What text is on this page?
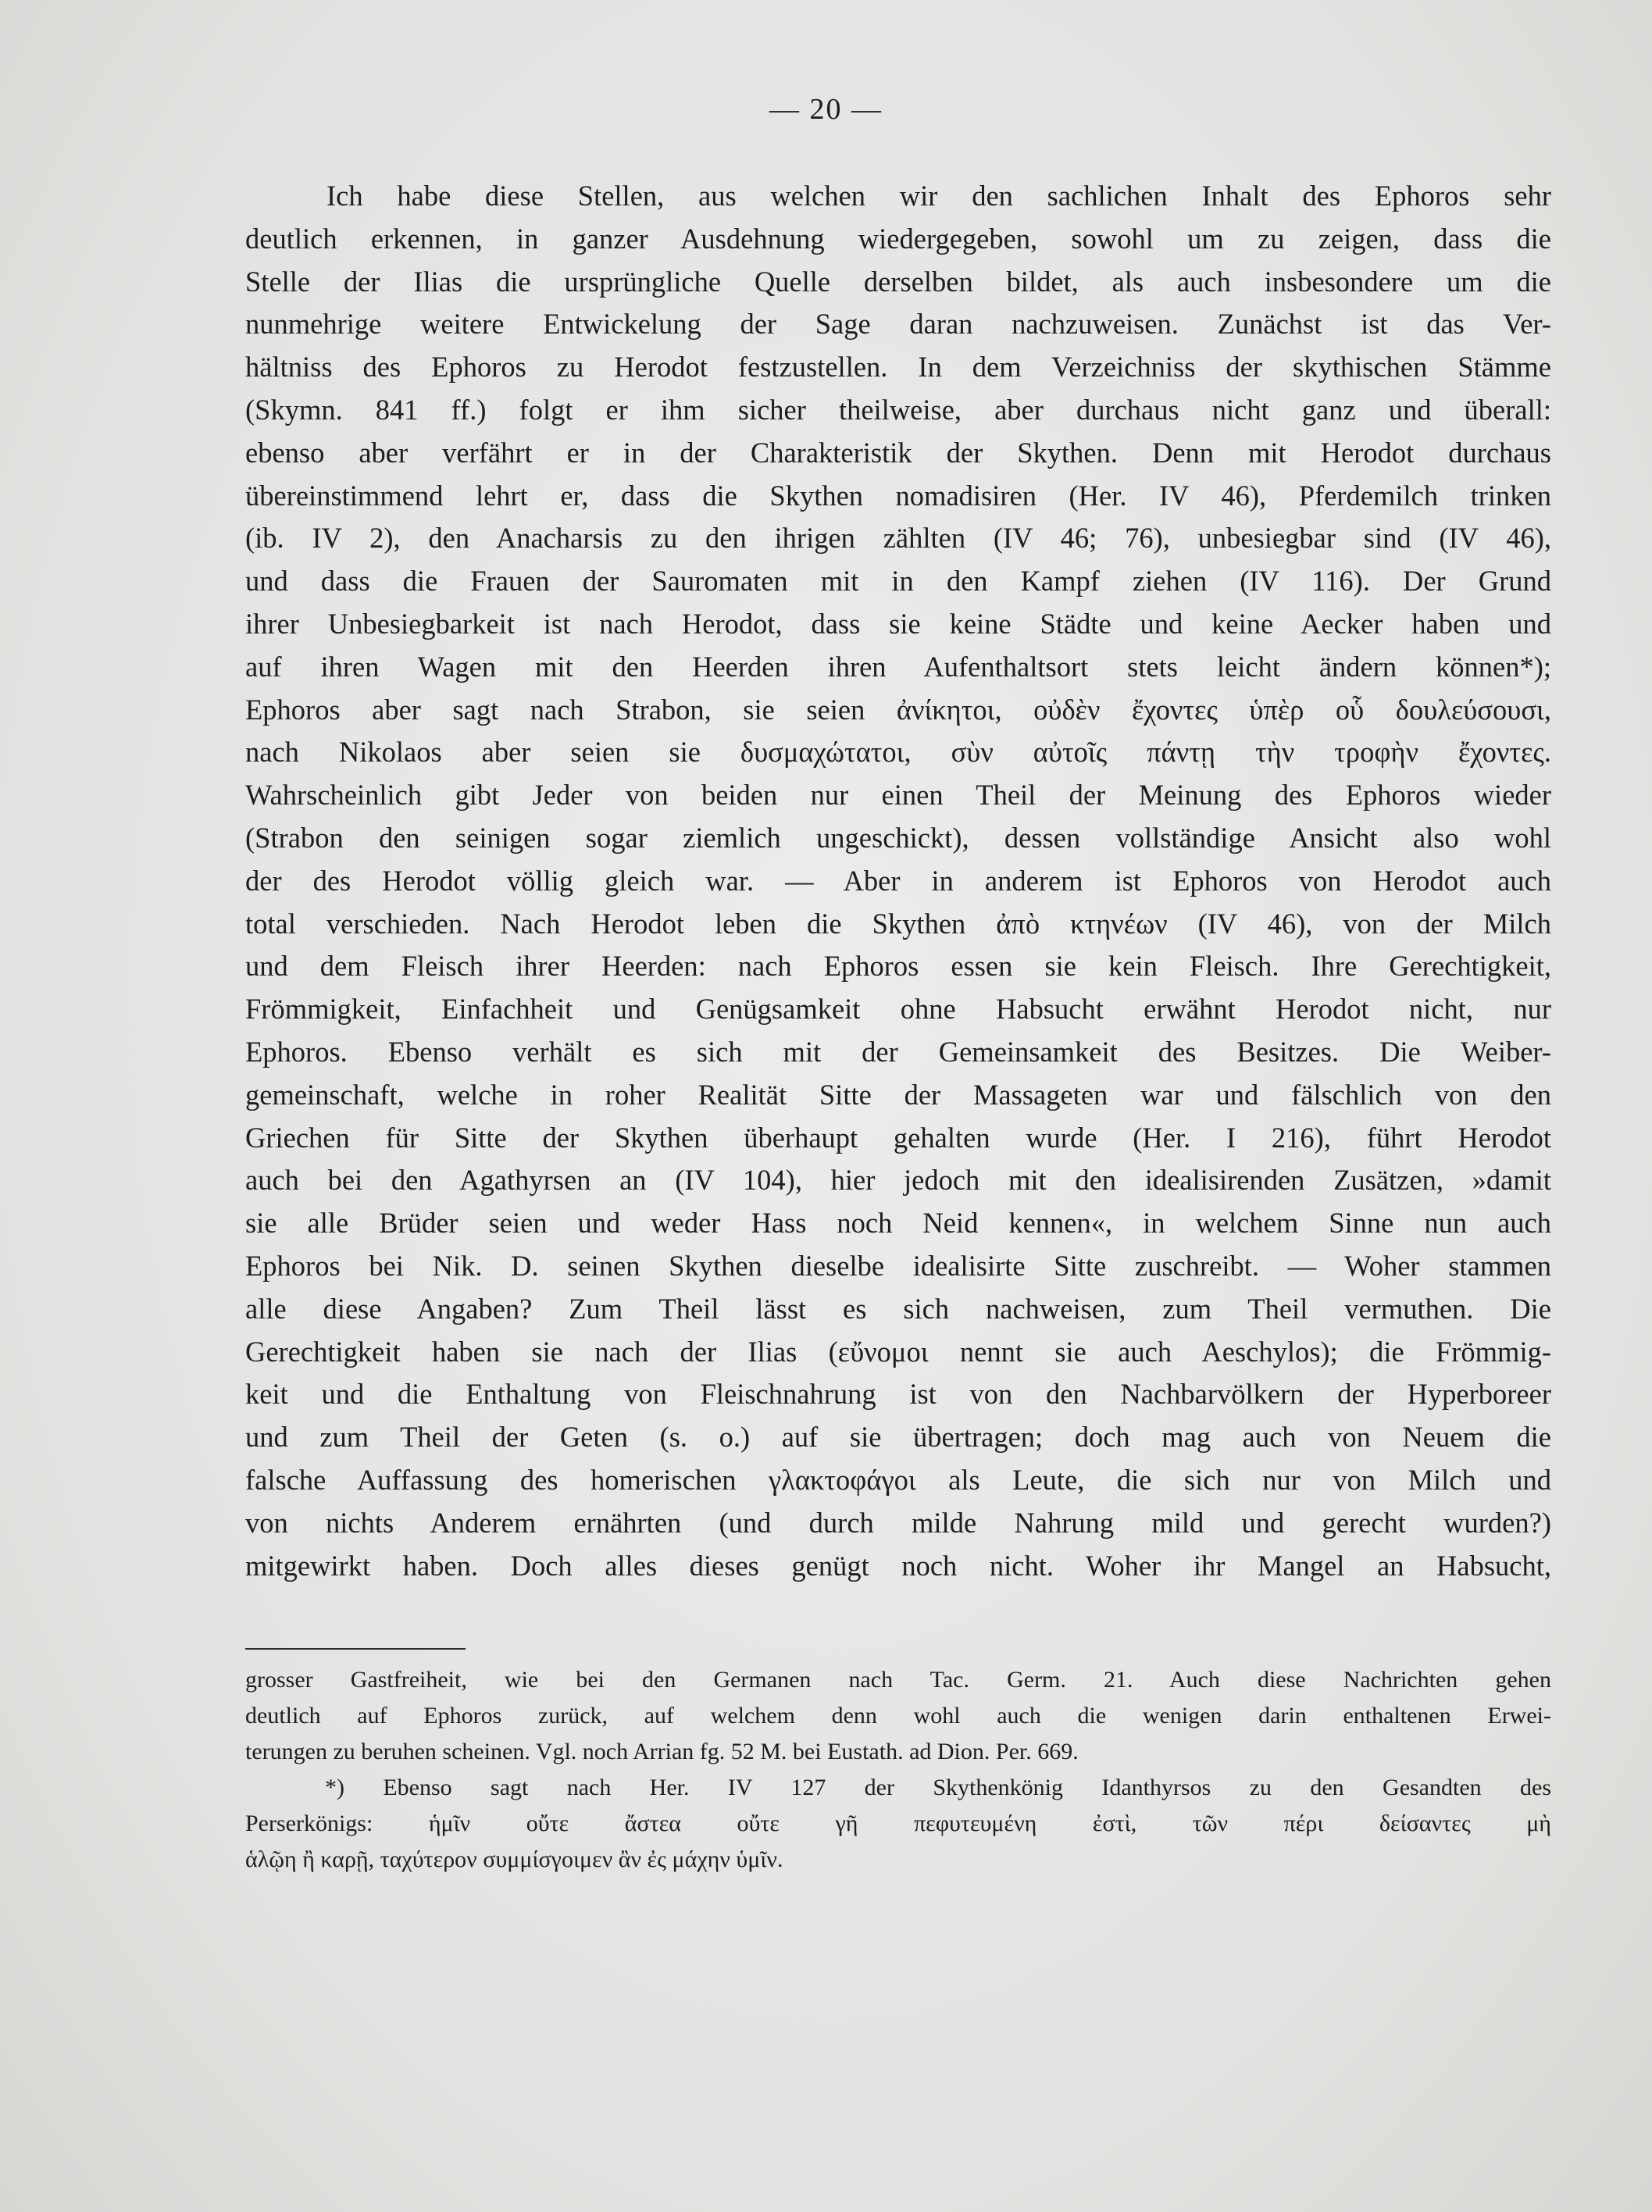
— 20 —
Ich habe diese Stellen, aus welchen wir den sachlichen Inhalt des Ephoros sehr
deutlich erkennen, in ganzer Ausdehnung wiedergegeben, sowohl um zu zeigen, dass die
Stelle der Ilias die ursprüngliche Quelle derselben bildet, als auch insbesondere um die
nunmehrige weitere Entwickelung der Sage daran nachzuweisen. Zunächst ist das Ver-
hältniss des Ephoros zu Herodot festzustellen. In dem Verzeichniss der skythischen Stämme
(Skymn. 841 ff.) folgt er ihm sicher theilweise, aber durchaus nicht ganz und überall:
ebenso aber verfährt er in der Charakteristik der Skythen. Denn mit Herodot durchaus
übereinstimmend lehrt er, dass die Skythen nomadisiren (Her. IV 46), Pferdemilch trinken
(ib. IV 2), den Anacharsis zu den ihrigen zählten (IV 46; 76), unbesiegbar sind (IV 46),
und dass die Frauen der Sauromaten mit in den Kampf ziehen (IV 116). Der Grund
ihrer Unbesiegbarkeit ist nach Herodot, dass sie keine Städte und keine Aecker haben und
auf ihren Wagen mit den Heerden ihren Aufenthaltsort stets leicht ändern können*);
Ephoros aber sagt nach Strabon, sie seien ἀνίκητοι, οὐδὲν ἔχοντες ὑπὲρ οὗ δουλεύσουσι,
nach Nikolaos aber seien sie δυσμαχώτατοι, σὺν αὐτοῖς πάντῃ τὴν τροφὴν ἔχοντες.
Wahrscheinlich gibt Jeder von beiden nur einen Theil der Meinung des Ephoros wieder
(Strabon den seinigen sogar ziemlich ungeschickt), dessen vollständige Ansicht also wohl
der des Herodot völlig gleich war. — Aber in anderem ist Ephoros von Herodot auch
total verschieden. Nach Herodot leben die Skythen ἀπὸ κτηνέων (IV 46), von der Milch
und dem Fleisch ihrer Heerden: nach Ephoros essen sie kein Fleisch. Ihre Gerechtigkeit,
Frömmigkeit, Einfachheit und Genügsamkeit ohne Habsucht erwähnt Herodot nicht, nur
Ephoros. Ebenso verhält es sich mit der Gemeinsamkeit des Besitzes. Die Weiber-
gemeinschaft, welche in roher Realität Sitte der Massageten war und fälschlich von den
Griechen für Sitte der Skythen überhaupt gehalten wurde (Her. I 216), führt Herodot
auch bei den Agathyrsen an (IV 104), hier jedoch mit den idealisirenden Zusätzen, »damit
sie alle Brüder seien und weder Hass noch Neid kennen«, in welchem Sinne nun auch
Ephoros bei Nik. D. seinen Skythen dieselbe idealisirte Sitte zuschreibt. — Woher stammen
alle diese Angaben? Zum Theil lässt es sich nachweisen, zum Theil vermuthen. Die
Gerechtigkeit haben sie nach der Ilias (εὔνομοι nennt sie auch Aeschylos); die Frömmig-
keit und die Enthaltung von Fleischnahrung ist von den Nachbarvölkern der Hyperboreer
und zum Theil der Geten (s. o.) auf sie übertragen; doch mag auch von Neuem die
falsche Auffassung des homerischen γλακτοφάγοι als Leute, die sich nur von Milch und
von nichts Anderem ernährten (und durch milde Nahrung mild und gerecht wurden?)
mitgewirkt haben. Doch alles dieses genügt noch nicht. Woher ihr Mangel an Habsucht,
grosser Gastfreiheit, wie bei den Germanen nach Tac. Germ. 21. Auch diese Nachrichten gehen
deutlich auf Ephoros zurück, auf welchem denn wohl auch die wenigen darin enthaltenen Erwei-
terungen zu beruhen scheinen. Vgl. noch Arrian fg. 52 M. bei Eustath. ad Dion. Per. 669.
*) Ebenso sagt nach Her. IV 127 der Skythenkönig Idanthyrsos zu den Gesandten des
Perserkönigs: ἡμῖν οὔτε ἄστεα οὔτε γῆ πεφυτευμένη ἐστὶ, τῶν πέρι δείσαντες μὴ
ἁλῷη ἢ καρῇ, ταχύτερον συμμίσγοιμεν ἂν ἐς μάχην ὑμῖν.
